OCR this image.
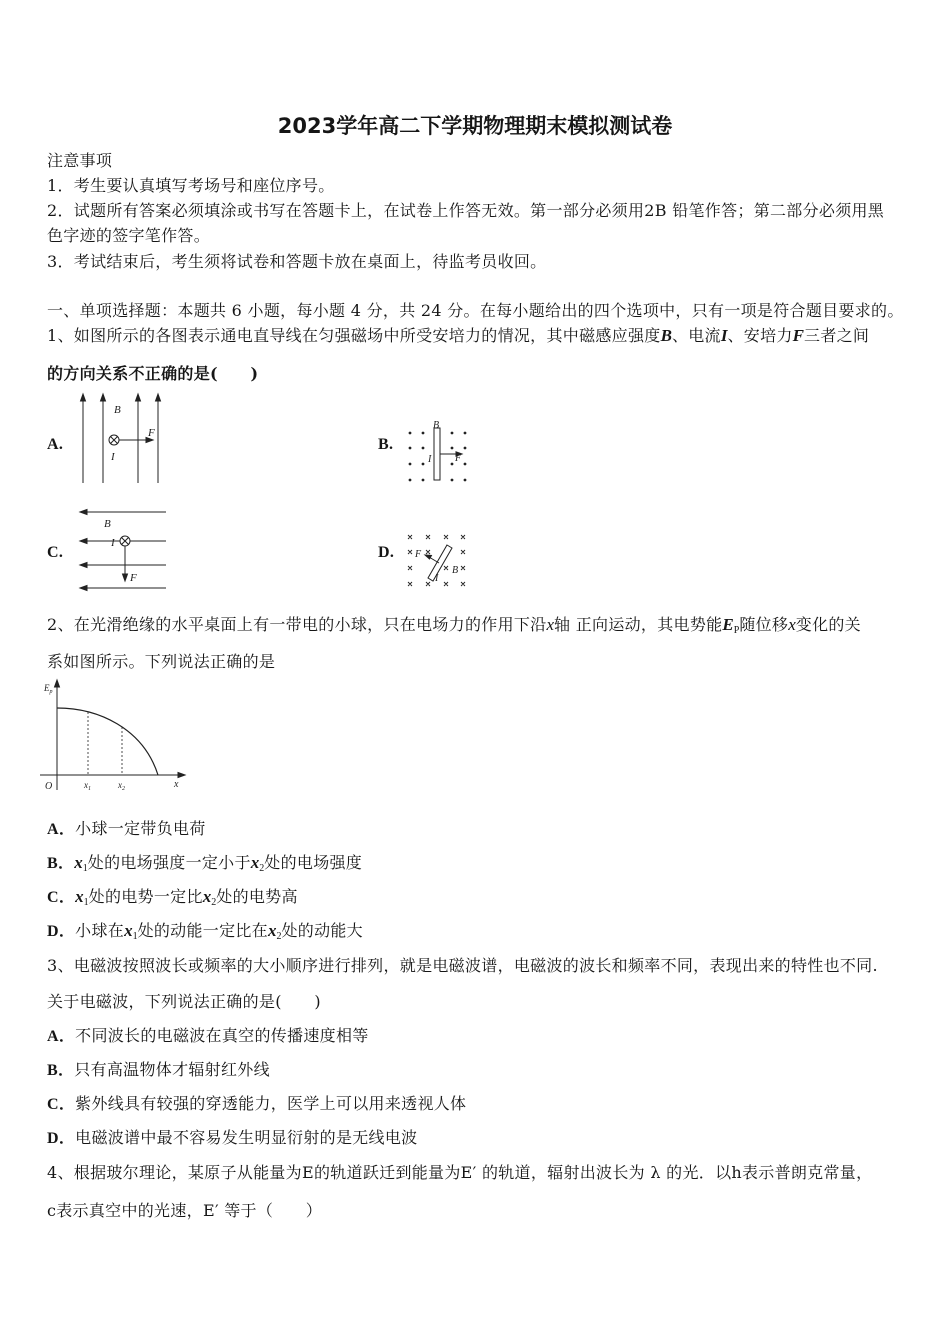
2023学年高二下学期物理期末模拟测试卷
注意事项
1．考生要认真填写考场号和座位序号。
2．试题所有答案必须填涂或书写在答题卡上，在试卷上作答无效。第一部分必须用2B 铅笔作答；第二部分必须用黑
色字迹的签字笔作答。
3．考试结束后，考生须将试卷和答题卡放在桌面上，待监考员收回。
一、单项选择题：本题共 6 小题，每小题 4 分，共 24 分。在每小题给出的四个选项中，只有一项是符合题目要求的。
1、如图所示的各图表示通电直导线在匀强磁场中所受安培力的情况，其中磁感应强度B、电流I、安培力F三者之间
的方向关系不正确的是(　　)
A.	B.
C.	D.
B
F
I
B
F
I
B
I
F
F
B
I
2、在光滑绝缘的水平桌面上有一带电的小球，只在电场力的作用下沿x轴 正向运动，其电势能EP随位移x变化的关
系如图所示。下列说法正确的是
$E_p$
O	x
$x_1$	$x_2$
A．小球一定带负电荷
B．x1处的电场强度一定小于x2处的电场强度
C．x1处的电势一定比x2处的电势高
D．小球在x1处的动能一定比在x2处的动能大
3、电磁波按照波长或频率的大小顺序进行排列，就是电磁波谱，电磁波的波长和频率不同，表现出来的特性也不同.
关于电磁波，下列说法正确的是(　　)
A．不同波长的电磁波在真空的传播速度相等
B．只有高温物体才辐射红外线
C．紫外线具有较强的穿透能力，医学上可以用来透视人体
D．电磁波谱中最不容易发生明显衍射的是无线电波
4、根据玻尔理论，某原子从能量为E的轨道跃迁到能量为E′ 的轨道，辐射出波长为 λ 的光．以h表示普朗克常量，
c表示真空中的光速，E′ 等于（　　）
